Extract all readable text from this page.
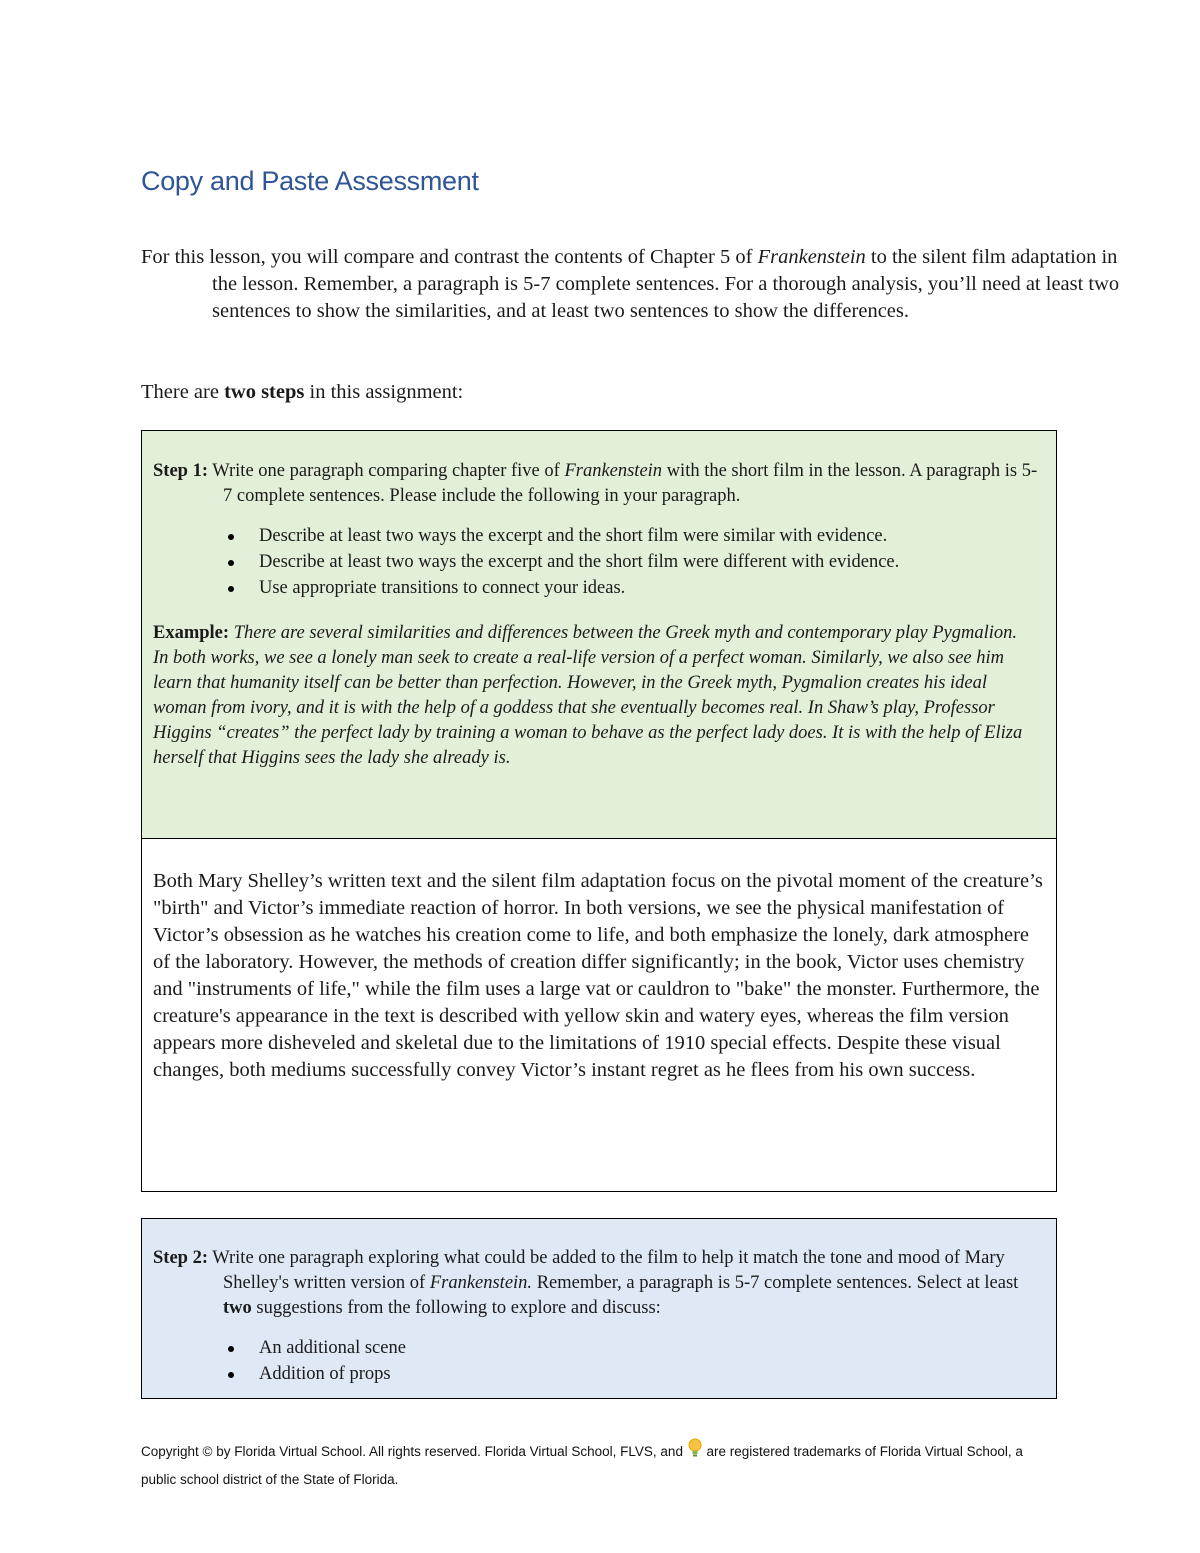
Copy and Paste Assessment

For this lesson, you will compare and contrast the contents of Chapter 5 of Frankenstein to the silent film adaptation in the lesson. Remember, a paragraph is 5-7 complete sentences. For a thorough analysis, you’ll need at least two sentences to show the similarities, and at least two sentences to show the differences.

There are two steps in this assignment:

Step 1: Write one paragraph comparing chapter five of Frankenstein with the short film in the lesson. A paragraph is 5-7 complete sentences. Please include the following in your paragraph.

Describe at least two ways the excerpt and the short film were similar with evidence.
Describe at least two ways the excerpt and the short film were different with evidence.
Use appropriate transitions to connect your ideas.

Example: There are several similarities and differences between the Greek myth and contemporary play Pygmalion. In both works, we see a lonely man seek to create a real-life version of a perfect woman. Similarly, we also see him learn that humanity itself can be better than perfection. However, in the Greek myth, Pygmalion creates his ideal woman from ivory, and it is with the help of a goddess that she eventually becomes real. In Shaw’s play, Professor Higgins “creates” the perfect lady by training a woman to behave as the perfect lady does. It is with the help of Eliza herself that Higgins sees the lady she already is.

Both Mary Shelley’s written text and the silent film adaptation focus on the pivotal moment of the creature’s "birth" and Victor’s immediate reaction of horror. In both versions, we see the physical manifestation of Victor’s obsession as he watches his creation come to life, and both emphasize the lonely, dark atmosphere of the laboratory. However, the methods of creation differ significantly; in the book, Victor uses chemistry and "instruments of life," while the film uses a large vat or cauldron to "bake" the monster. Furthermore, the creature's appearance in the text is described with yellow skin and watery eyes, whereas the film version appears more disheveled and skeletal due to the limitations of 1910 special effects. Despite these visual changes, both mediums successfully convey Victor’s instant regret as he flees from his own success.

Step 2: Write one paragraph exploring what could be added to the film to help it match the tone and mood of Mary Shelley's written version of Frankenstein. Remember, a paragraph is 5-7 complete sentences. Select at least two suggestions from the following to explore and discuss:

An additional scene
Addition of props
Copyright © by Florida Virtual School. All rights reserved. Florida Virtual School, FLVS, and  are registered trademarks of Florida Virtual School, a public school district of the State of Florida.
